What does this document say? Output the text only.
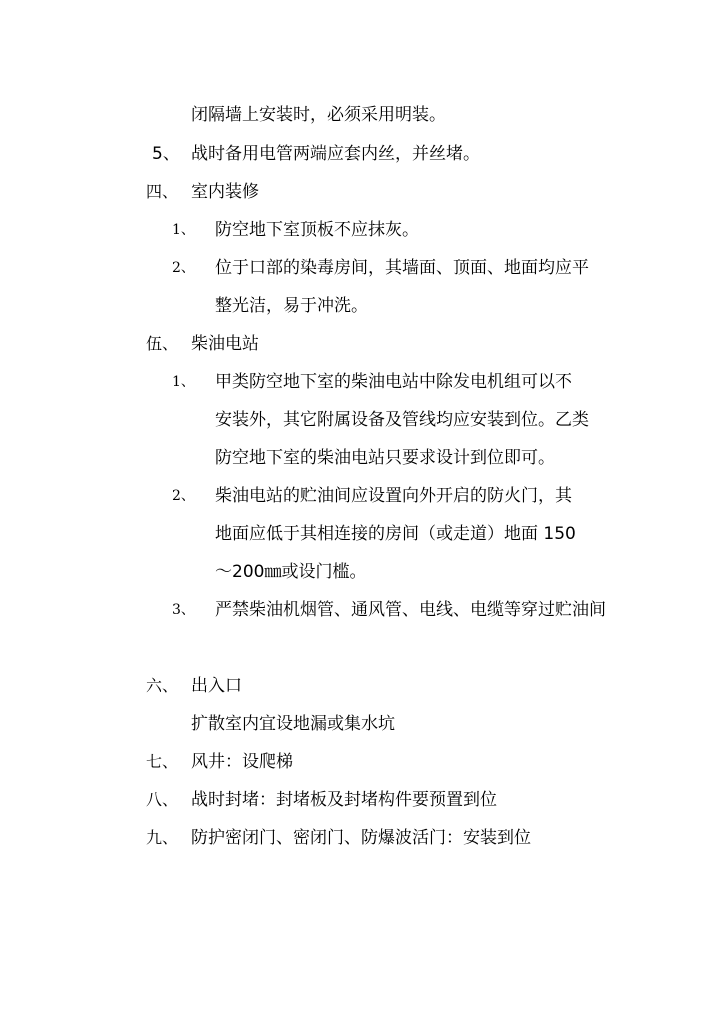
闭隔墙上安装时，必须采用明装。
5、 战时备用电管两端应套内丝，并丝堵。
四、 室内装修
1、 防空地下室顶板不应抹灰。
2、 位于口部的染毒房间，其墙面、顶面、地面均应平
整光洁，易于冲洗。
伍、 柴油电站
1、 甲类防空地下室的柴油电站中除发电机组可以不
安装外，其它附属设备及管线均应安装到位。乙类
防空地下室的柴油电站只要求设计到位即可。
2、 柴油电站的贮油间应设置向外开启的防火门，其
地面应低于其相连接的房间（或走道）地面 150
～200㎜或设门槛。
3、 严禁柴油机烟管、通风管、电线、电缆等穿过贮油间
六、 出入口
扩散室内宜设地漏或集水坑
七、 风井：设爬梯
八、 战时封堵：封堵板及封堵构件要预置到位
九、 防护密闭门、密闭门、防爆波活门：安装到位
